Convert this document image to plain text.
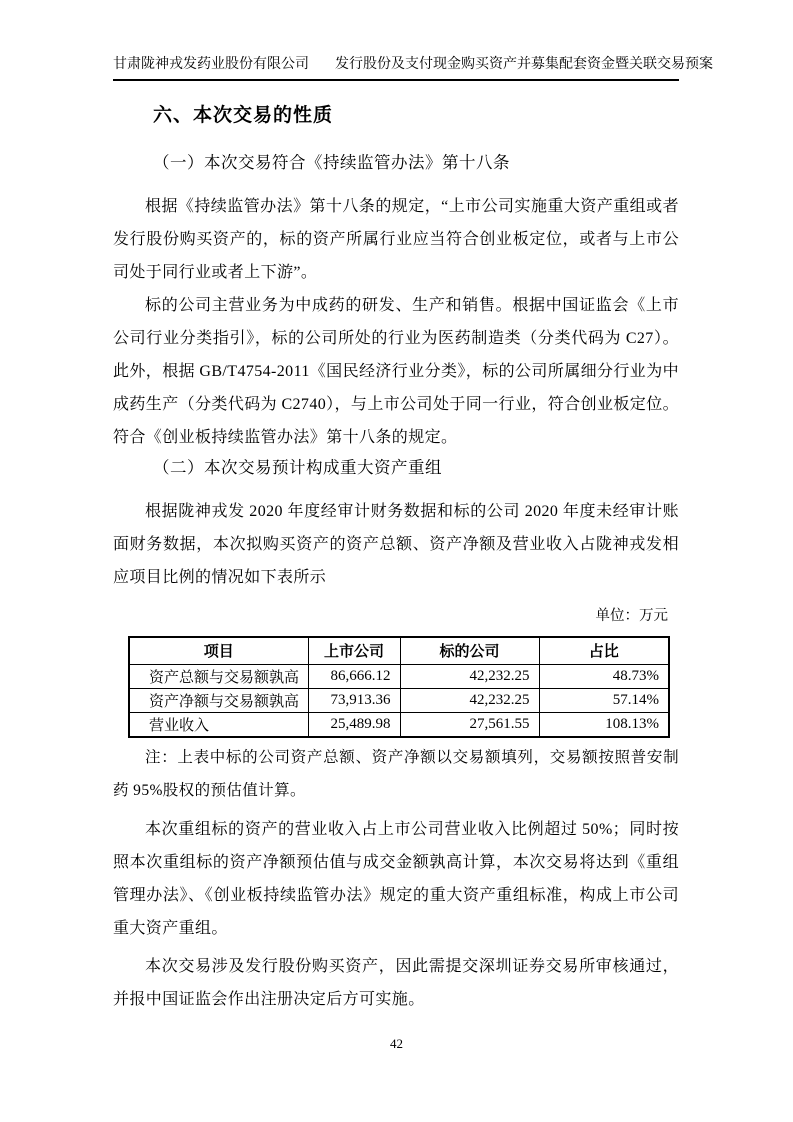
甘肃陇神戎发药业股份有限公司 发行股份及支付现金购买资产并募集配套资金暨关联交易预案
六、本次交易的性质
（一）本次交易符合《持续监管办法》第十八条
根据《持续监管办法》第十八条的规定，“上市公司实施重大资产重组或者发行股份购买资产的，标的资产所属行业应当符合创业板定位，或者与上市公司处于同行业或者上下游”。
标的公司主营业务为中成药的研发、生产和销售。根据中国证监会《上市公司行业分类指引》，标的公司所处的行业为医药制造类（分类代码为 C27）。此外，根据 GB/T4754-2011《国民经济行业分类》，标的公司所属细分行业为中成药生产（分类代码为 C2740），与上市公司处于同一行业，符合创业板定位。符合《创业板持续监管办法》第十八条的规定。
（二）本次交易预计构成重大资产重组
根据陇神戎发 2020 年度经审计财务数据和标的公司 2020 年度未经审计账面财务数据，本次拟购买资产的资产总额、资产净额及营业收入占陇神戎发相应项目比例的情况如下表所示
单位：万元
项目	上市公司	标的公司	占比
资产总额与交易额孰高	86,666.12	42,232.25	48.73%
资产净额与交易额孰高	73,913.36	42,232.25	57.14%
营业收入	25,489.98	27,561.55	108.13%
注：上表中标的公司资产总额、资产净额以交易额填列，交易额按照普安制药 95%股权的预估值计算。
本次重组标的资产的营业收入占上市公司营业收入比例超过 50%；同时按照本次重组标的资产净额预估值与成交金额孰高计算，本次交易将达到《重组管理办法》、《创业板持续监管办法》规定的重大资产重组标准，构成上市公司重大资产重组。
本次交易涉及发行股份购买资产，因此需提交深圳证券交易所审核通过，并报中国证监会作出注册决定后方可实施。
42
